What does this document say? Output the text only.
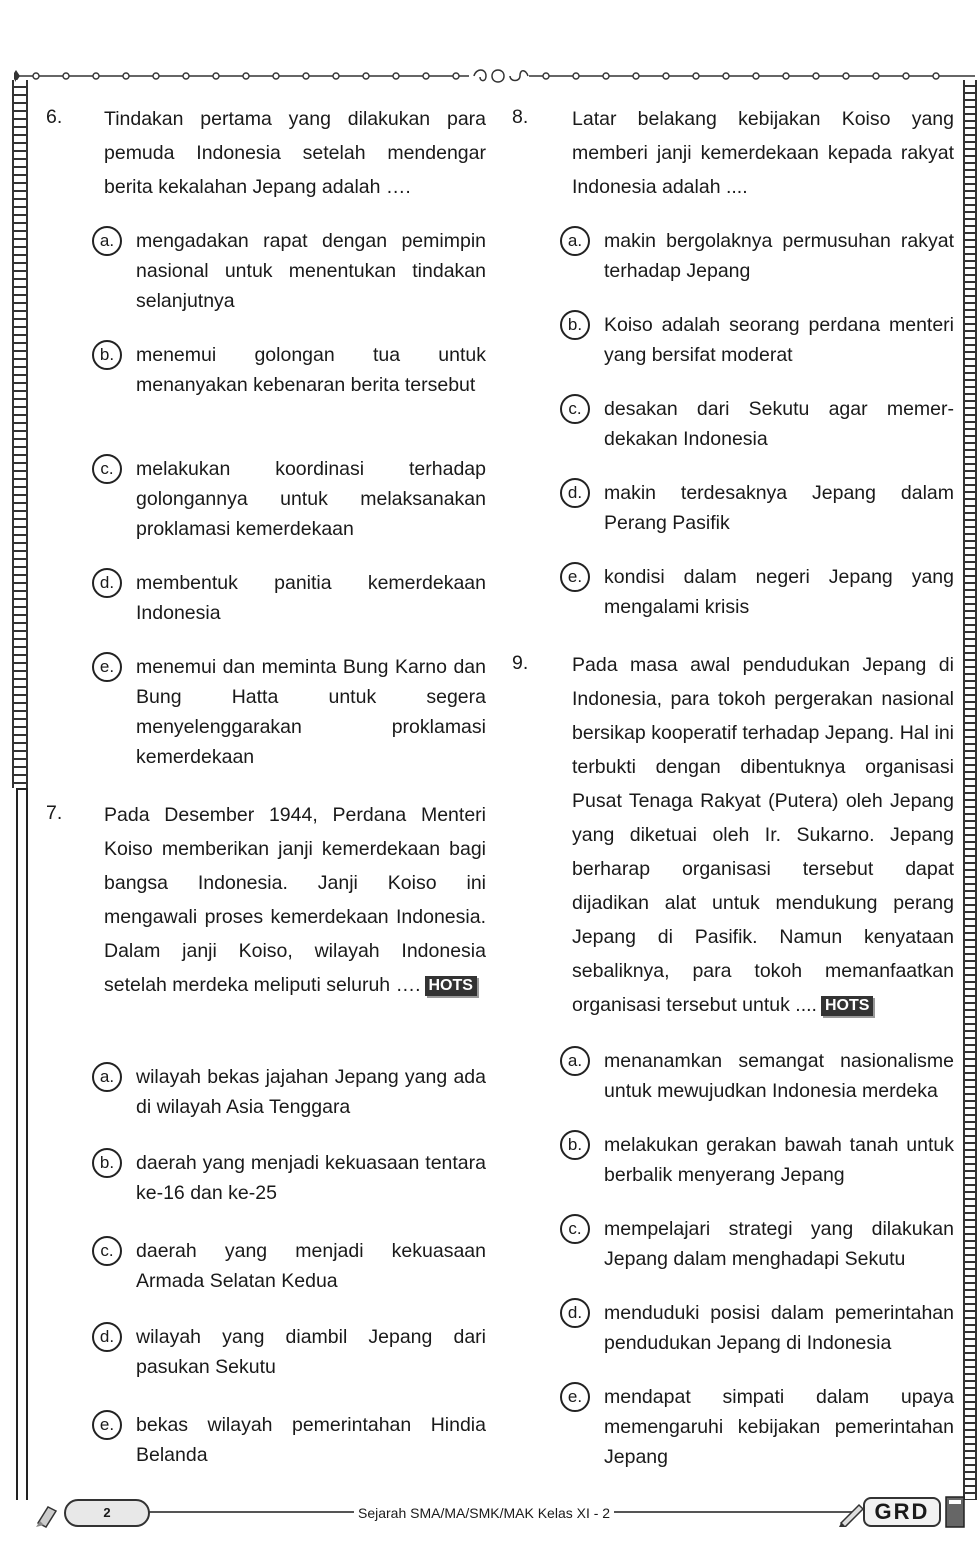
6. Tindakan pertama yang dilakukan para pemuda Indonesia setelah mendengar berita kekalahan Jepang adalah ….
a.	mengadakan rapat dengan pemimpin nasional untuk menentukan tindakan selanjutnya
b.	menemui golongan tua untuk menanyakan kebenaran berita tersebut
c.	melakukan koordinasi terhadap golongannya untuk melaksanakan proklamasi kemerdekaan
d.	membentuk panitia kemerdekaan Indonesia
e.	menemui dan meminta Bung Karno dan Bung Hatta untuk segera menyelenggarakan proklamasi kemerdekaan
7. Pada Desember 1944, Perdana Menteri Koiso memberikan janji kemerdekaan bagi bangsa Indonesia. Janji Koiso ini mengawali proses kemerdekaan Indonesia. Dalam janji Koiso, wilayah Indonesia setelah merdeka meliputi seluruh …. HOTS
a.	wilayah bekas jajahan Jepang yang ada di wilayah Asia Tenggara
b.	daerah yang menjadi kekuasaan tentara ke-16 dan ke-25
c.	daerah yang menjadi kekuasaan Armada Selatan Kedua
d.	wilayah yang diambil Jepang dari pasukan Sekutu
e.	bekas wilayah pemerintahan Hindia Belanda
8. Latar belakang kebijakan Koiso yang memberi janji kemerdekaan kepada rakyat Indonesia adalah ....
a.	makin bergolaknya permusuhan rakyat terhadap Jepang
b.	Koiso adalah seorang perdana menteri yang bersifat moderat
c.	desakan dari Sekutu agar memer-dekakan Indonesia
d.	makin terdesaknya Jepang dalam Perang Pasifik
e.	kondisi dalam negeri Jepang yang mengalami krisis
9. Pada masa awal pendudukan Jepang di Indonesia, para tokoh pergerakan nasional bersikap kooperatif terhadap Jepang. Hal ini terbukti dengan dibentuknya organisasi Pusat Tenaga Rakyat (Putera) oleh Jepang yang diketuai oleh Ir. Sukarno. Jepang berharap organisasi tersebut dapat dijadikan alat untuk mendukung perang Jepang di Pasifik. Namun kenyataan sebaliknya, para tokoh memanfaatkan organisasi tersebut untuk .... HOTS
a.	menanamkan semangat nasionalisme untuk mewujudkan Indonesia merdeka
b.	melakukan gerakan bawah tanah untuk berbalik menyerang Jepang
c.	mempelajari strategi yang dilakukan Jepang dalam menghadapi Sekutu
d.	menduduki posisi dalam pemerintahan pendudukan Jepang di Indonesia
e.	mendapat simpati dalam upaya memengaruhi kebijakan pemerintahan Jepang
2	Sejarah SMA/MA/SMK/MAK Kelas XI - 2	GRD
